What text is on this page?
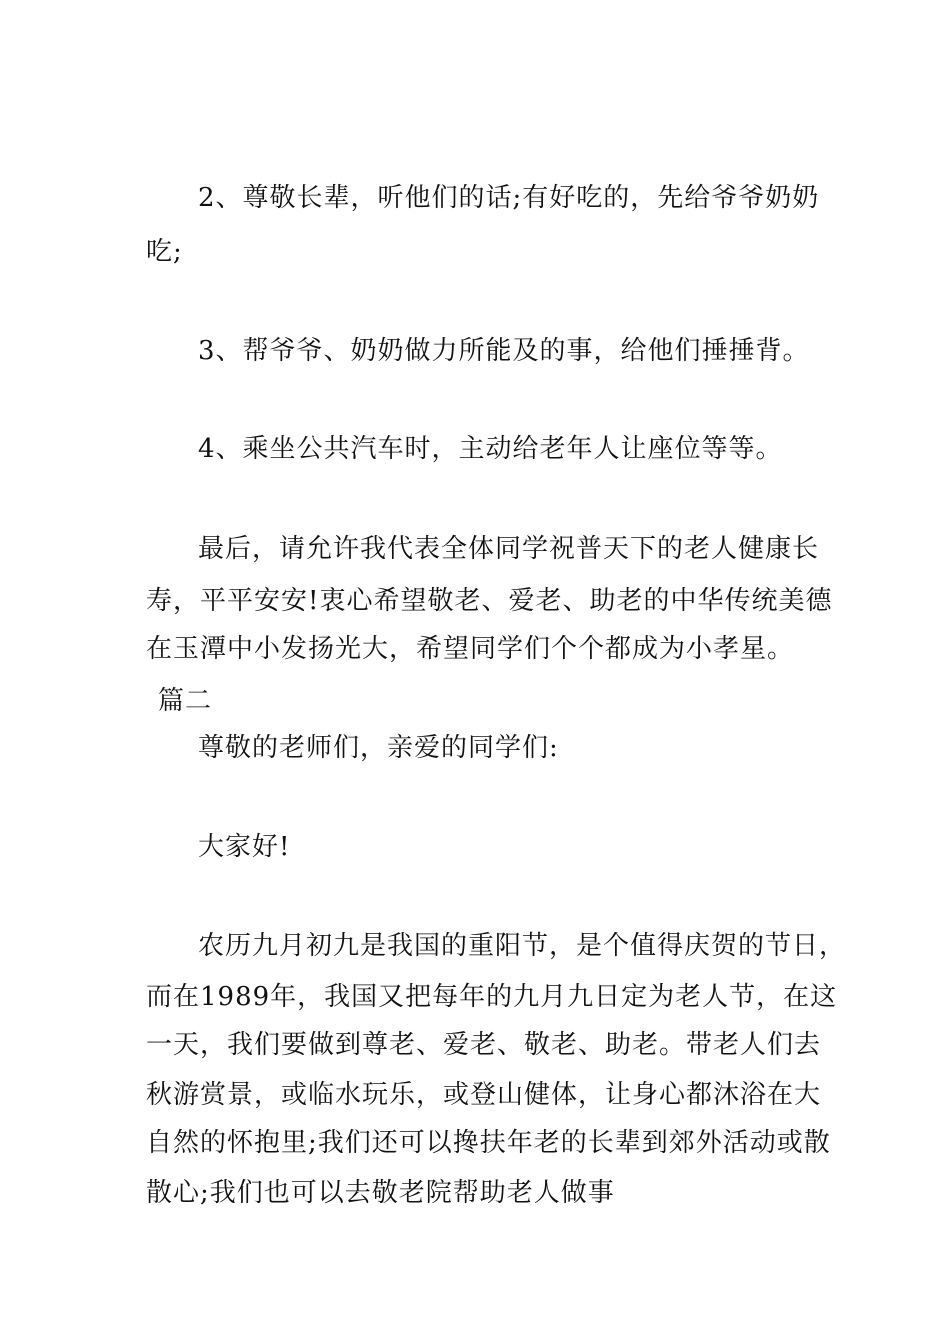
2、尊敬长辈，听他们的话;有好吃的，先给爷爷奶奶

吃;

3、帮爷爷、奶奶做力所能及的事，给他们捶捶背。

4、乘坐公共汽车时，主动给老年人让座位等等。

最后，请允许我代表全体同学祝普天下的老人健康长

寿，平平安安!衷心希望敬老、爱老、助老的中华传统美德

在玉潭中小发扬光大，希望同学们个个都成为小孝星。

篇二

尊敬的老师们，亲爱的同学们:

大家好!

农历九月初九是我国的重阳节，是个值得庆贺的节日，

而在1989年，我国又把每年的九月九日定为老人节，在这

一天，我们要做到尊老、爱老、敬老、助老。带老人们去

秋游赏景，或临水玩乐，或登山健体，让身心都沐浴在大

自然的怀抱里;我们还可以搀扶年老的长辈到郊外活动或散

散心;我们也可以去敬老院帮助老人做事
